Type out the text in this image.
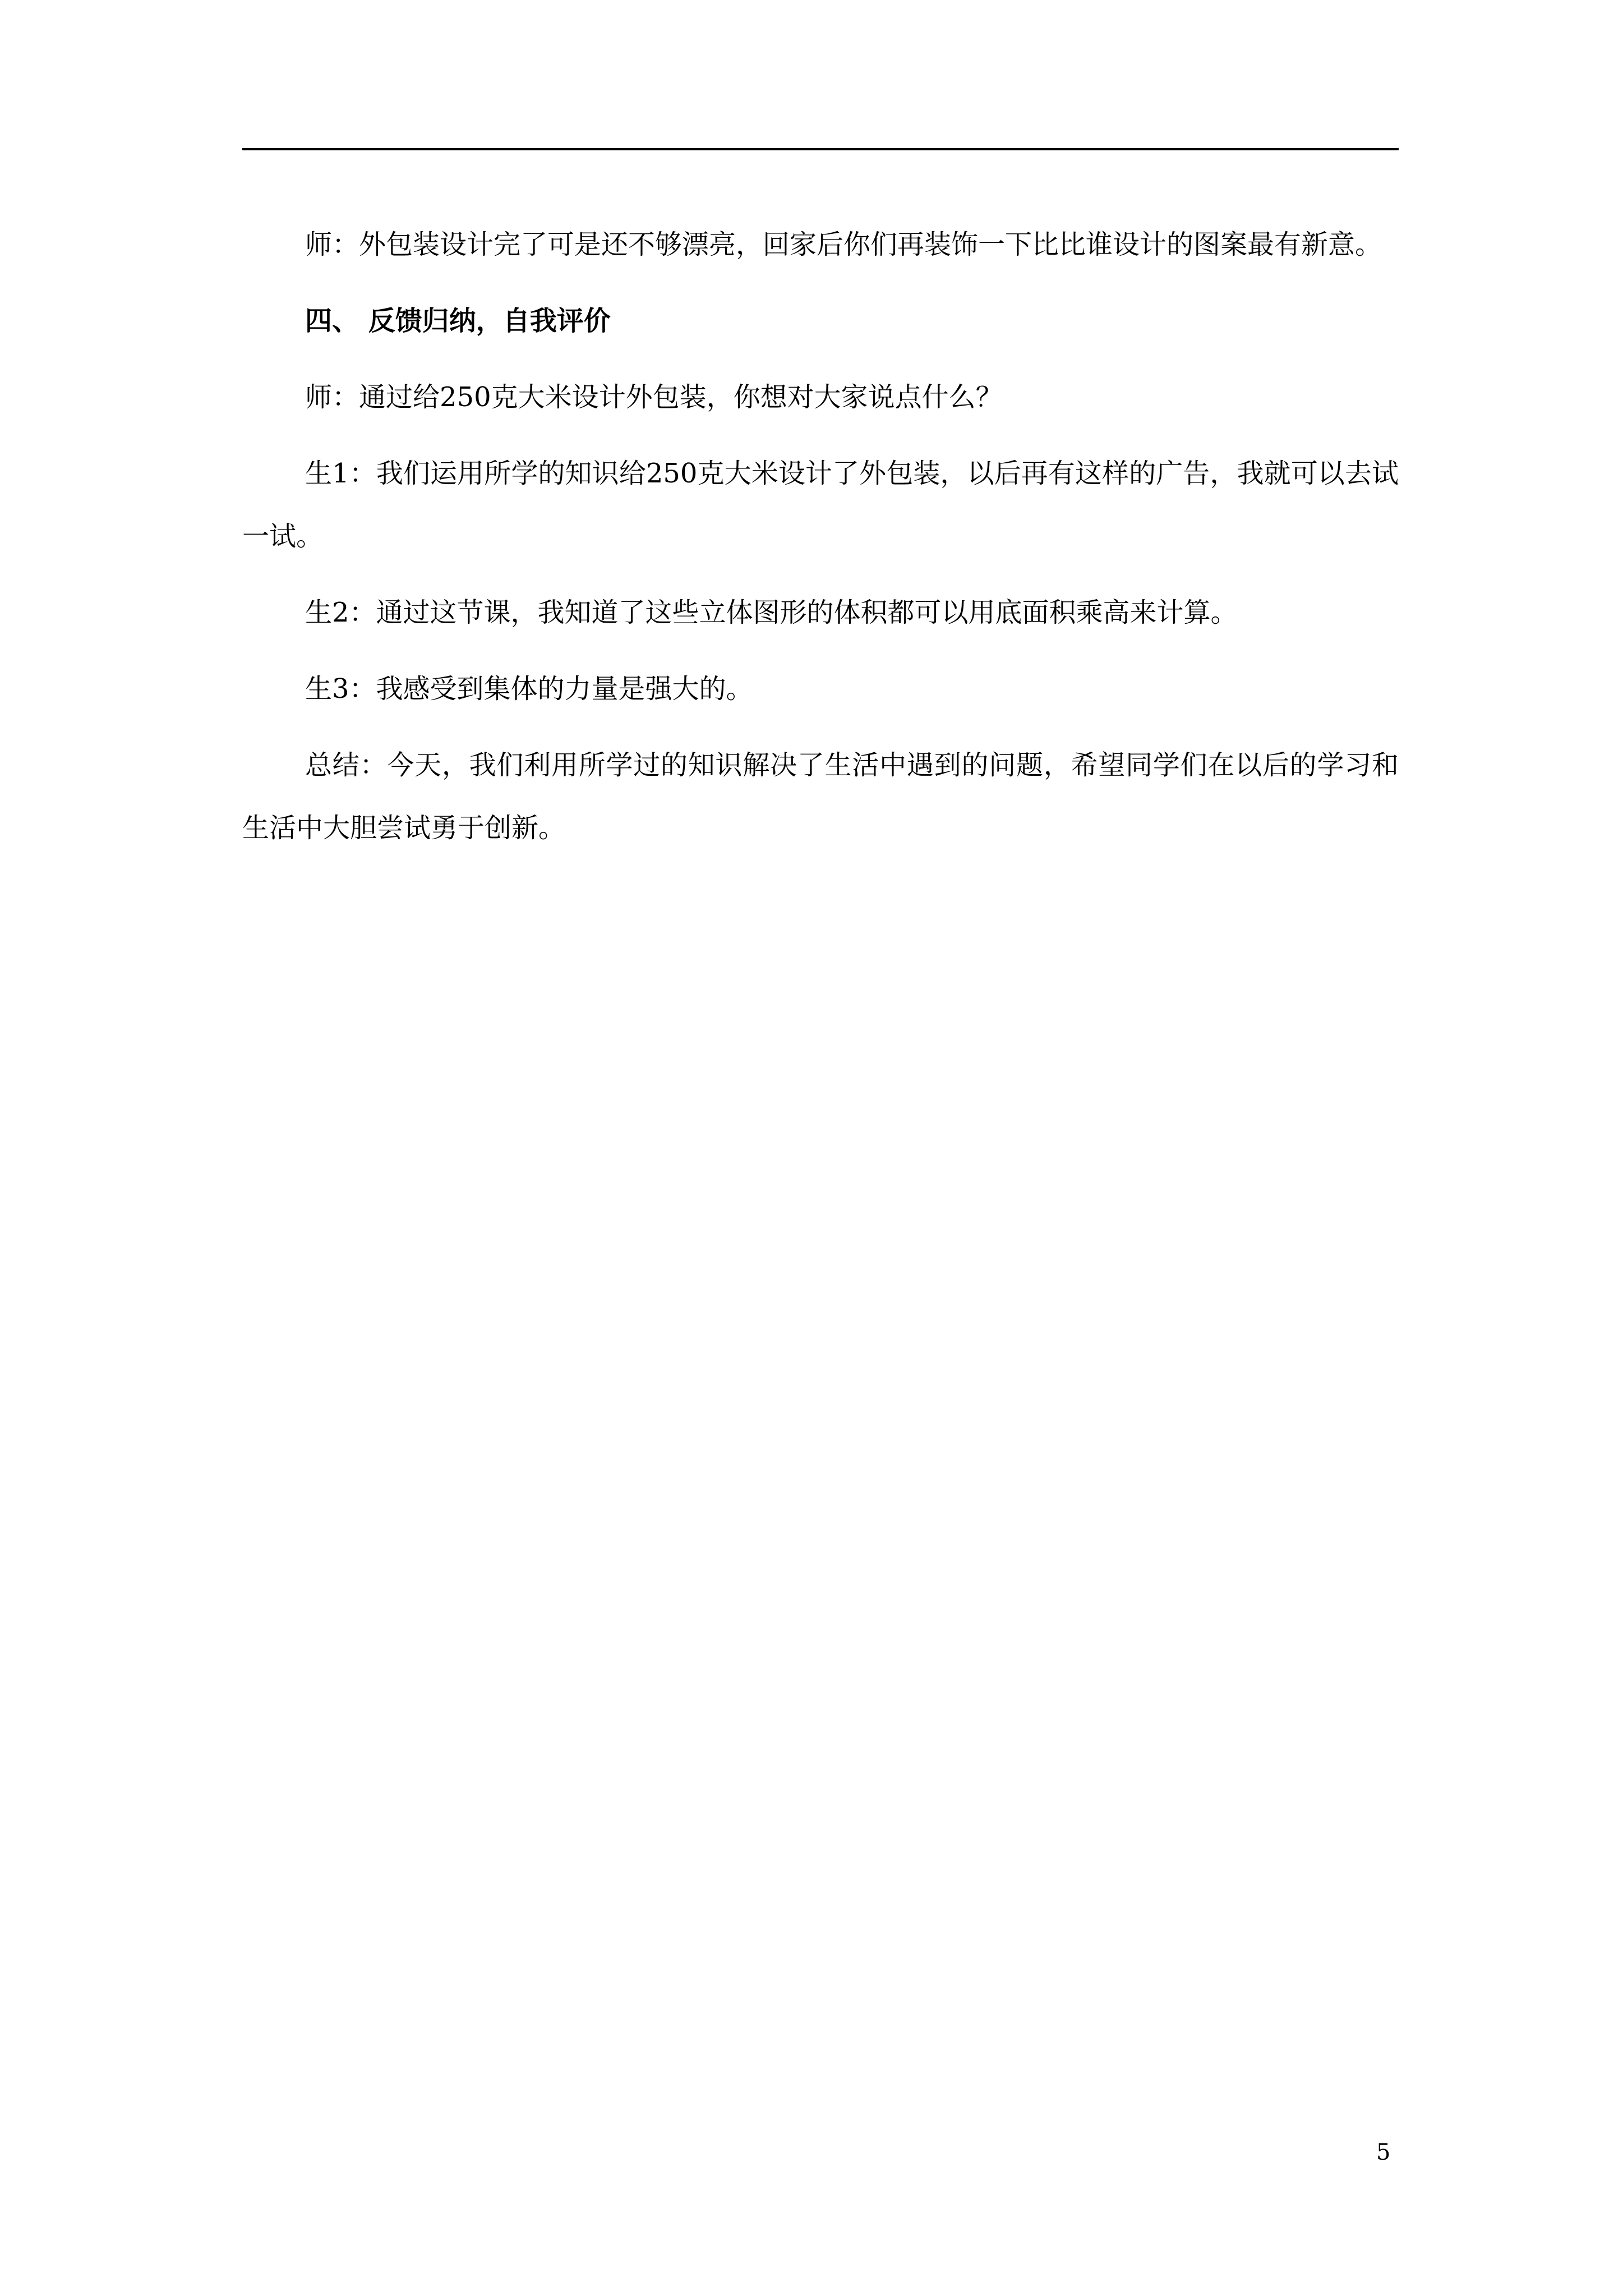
师：外包装设计完了可是还不够漂亮，回家后你们再装饰一下比比谁设计的图案最有新意。

四、 反馈归纳，自我评价

师：通过给250克大米设计外包装，你想对大家说点什么？

生1：我们运用所学的知识给250克大米设计了外包装，以后再有这样的广告，我就可以去试一试。

生2：通过这节课，我知道了这些立体图形的体积都可以用底面积乘高来计算。

生3：我感受到集体的力量是强大的。

总结：今天，我们利用所学过的知识解决了生活中遇到的问题，希望同学们在以后的学习和生活中大胆尝试勇于创新。

5
